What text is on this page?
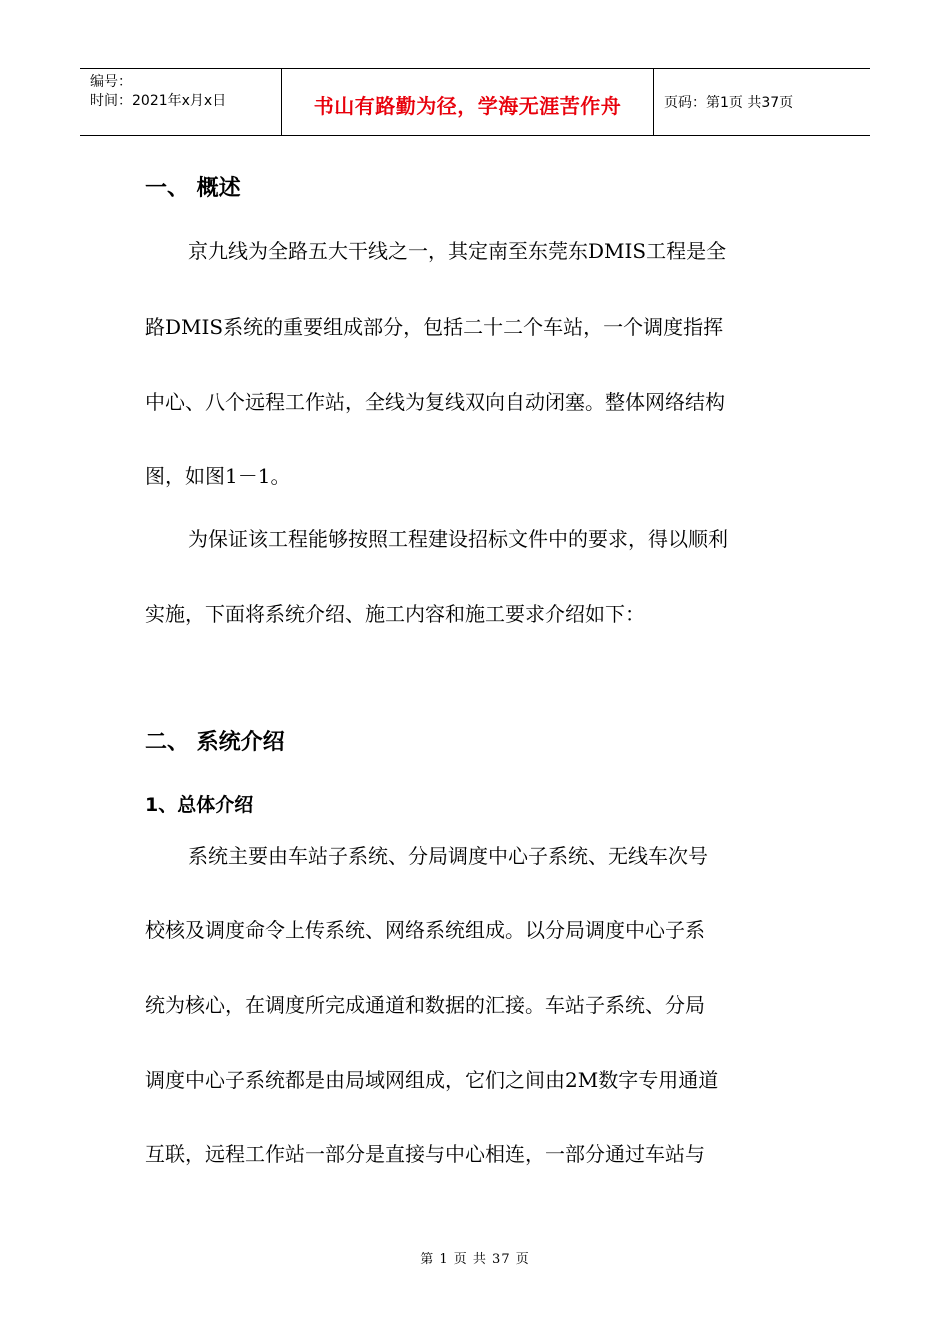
编号：
时间：2021年x月x日	书山有路勤为径，学海无涯苦作舟	页码：第1页 共37页
一、 概述
京九线为全路五大干线之一，其定南至东莞东DMIS工程是全
路DMIS系统的重要组成部分，包括二十二个车站，一个调度指挥
中心、八个远程工作站，全线为复线双向自动闭塞。整体网络结构
图，如图1－1。
为保证该工程能够按照工程建设招标文件中的要求，得以顺利
实施，下面将系统介绍、施工内容和施工要求介绍如下：
二、 系统介绍
1、总体介绍
系统主要由车站子系统、分局调度中心子系统、无线车次号
校核及调度命令上传系统、网络系统组成。以分局调度中心子系
统为核心，在调度所完成通道和数据的汇接。车站子系统、分局
调度中心子系统都是由局域网组成，它们之间由2M数字专用通道
互联，远程工作站一部分是直接与中心相连，一部分通过车站与
第 1 页 共 37 页
